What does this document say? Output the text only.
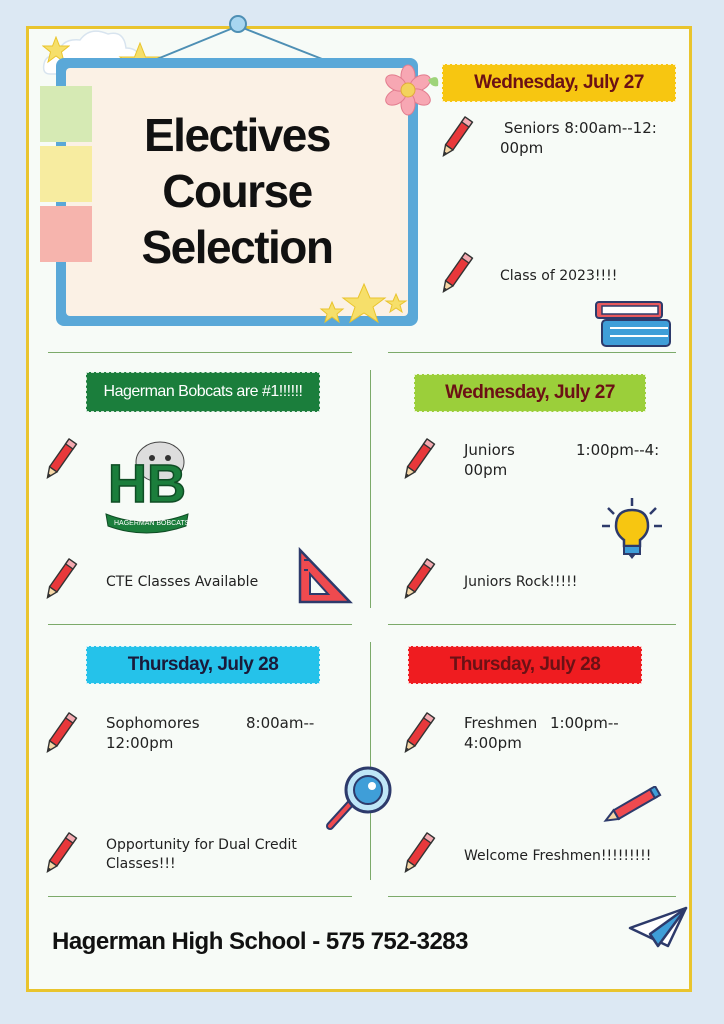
Electives
Course
Selection
Wednesday, July 27
Seniors 8:00am--12:
00pm
Class of 2023!!!!
Hagerman Bobcats are #1!!!!!!
HB
HAGERMAN BOBCATS
CTE Classes Available
Wednesday, July 27
Juniors	1:00pm--4:
00pm
Juniors Rock!!!!!
Thursday, July 28
Sophomores	8:00am--
12:00pm
Opportunity for Dual Credit
Classes!!!
Thursday, July 28
Freshmen 1:00pm--
4:00pm
Welcome Freshmen!!!!!!!!!
Hagerman High School - 575 752-3283
